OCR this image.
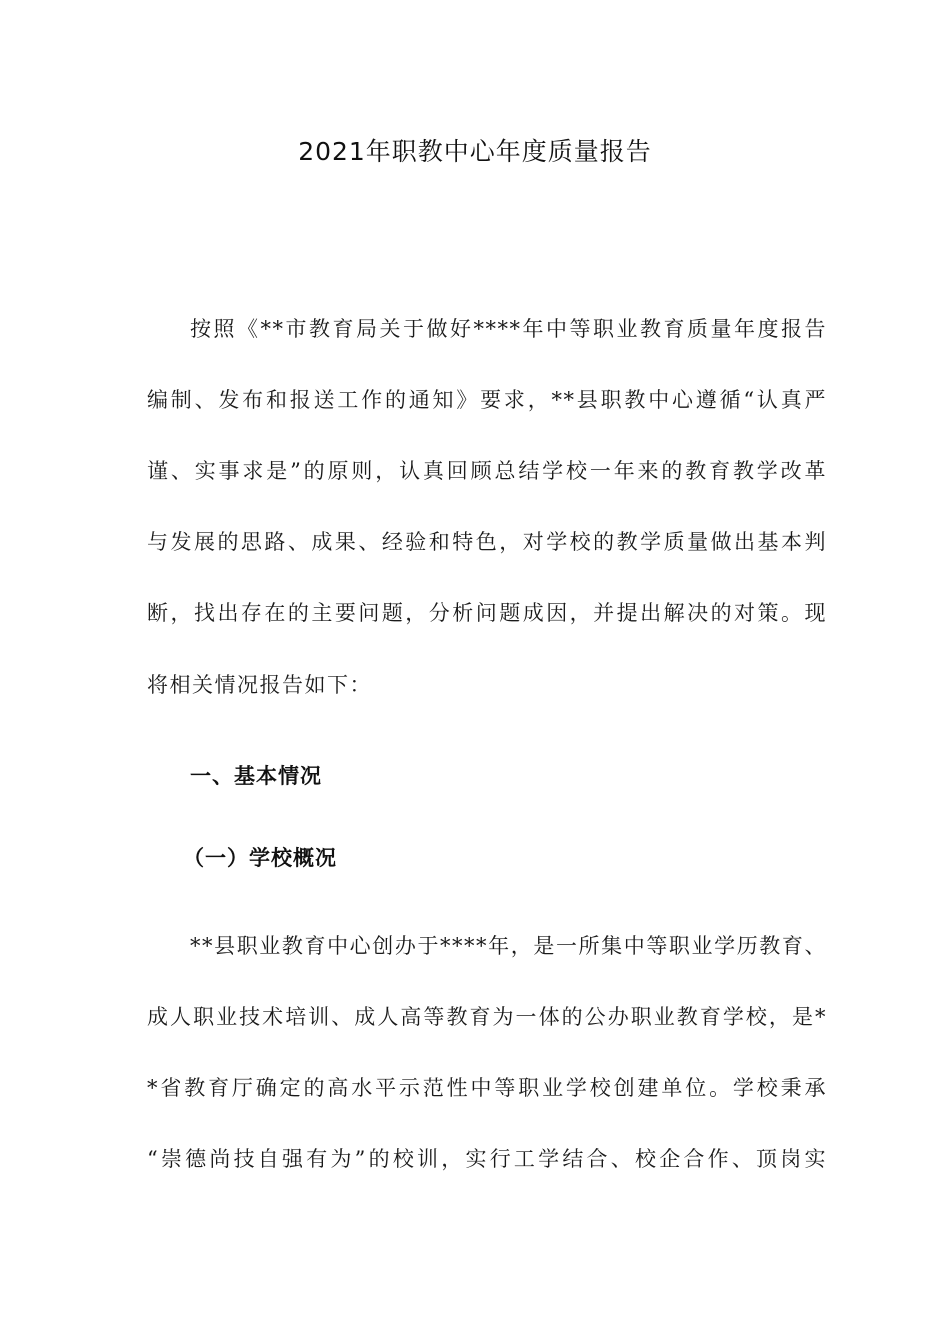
2021年职教中心年度质量报告
按照《**市教育局关于做好****年中等职业教育质量年度报告
编制、发布和报送工作的通知》要求，**县职教中心遵循“认真严
谨、实事求是”的原则，认真回顾总结学校一年来的教育教学改革
与发展的思路、成果、经验和特色，对学校的教学质量做出基本判
断，找出存在的主要问题，分析问题成因，并提出解决的对策。现
将相关情况报告如下：
一、基本情况
（一）学校概况
**县职业教育中心创办于****年，是一所集中等职业学历教育、
成人职业技术培训、成人高等教育为一体的公办职业教育学校，是*
*省教育厅确定的高水平示范性中等职业学校创建单位。学校秉承
“崇德尚技自强有为”的校训，实行工学结合、校企合作、顶岗实
